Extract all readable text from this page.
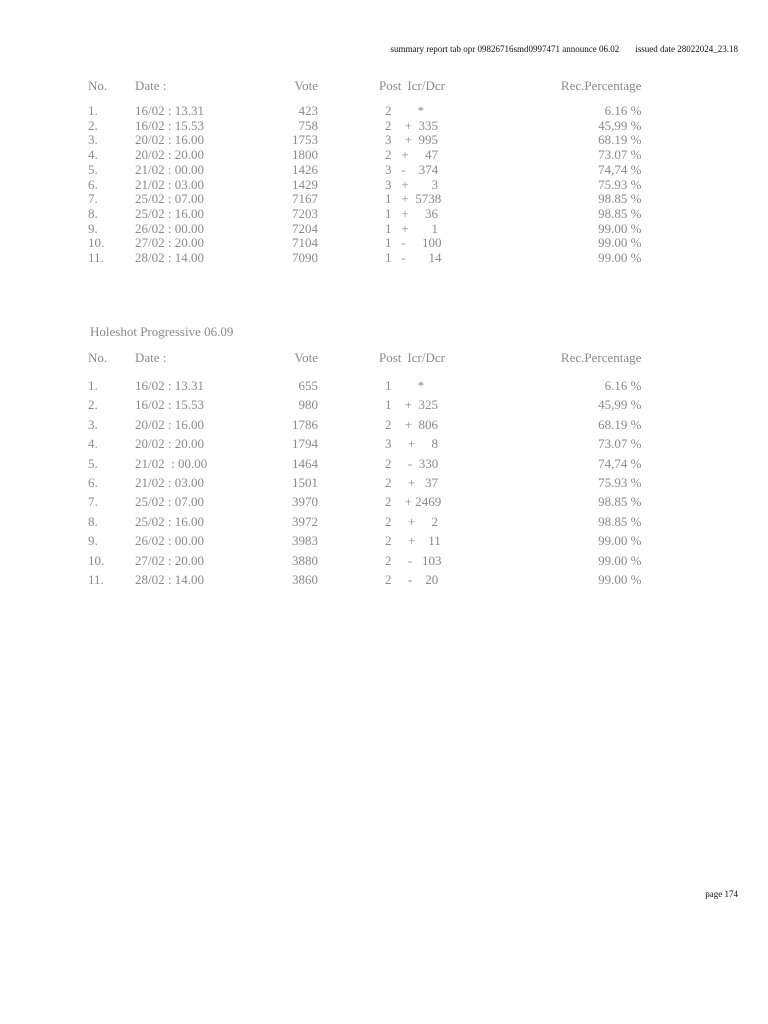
summary report tab opr 09826716smd0997471 announce 06.02 issued date 28022024_23.18
No.	Date :	Vote	Post	Icr/Dcr	Rec.Percentage
1.	16/02 : 13.31	423	2	*	6.16 %
2.	16/02 : 15.53	758	2	+  335	45,99 %
3.	20/02 : 16.00	1753	3	+  995	68.19 %
4.	20/02 : 20.00	1800	2	+     47	73.07 %
5.	21/02 : 00.00	1426	3	-    374	74,74 %
6.	21/02 : 03.00	1429	3	+       3	75.93 %
7.	25/02 : 07.00	7167	1	+  5738	98.85 %
8.	25/02 : 16.00	7203	1	+     36	98.85 %
9.	26/02 : 00.00	7204	1	+       1	99.00 %
10.	27/02 : 20.00	7104	1	-     100	99.00 %
11.	28/02 : 14.00	7090	1	-       14	99.00 %
Holeshot Progressive 06.09
No.	Date :	Vote	Post	Icr/Dcr	Rec.Percentage
1.	16/02 : 13.31	655	1	*	6.16 %
2.	16/02 : 15.53	980	1	+  325	45,99 %
3.	20/02 : 16.00	1786	2	+  806	68.19 %
4.	20/02 : 20.00	1794	3	+     8	73.07 %
5.	21/02  : 00.00	1464	2	-  330	74,74 %
6.	21/02 : 03.00	1501	2	+   37	75.93 %
7.	25/02 : 07.00	3970	2	+ 2469	98.85 %
8.	25/02 : 16.00	3972	2	+     2	98.85 %
9.	26/02 : 00.00	3983	2	+    11	99.00 %
10.	27/02 : 20.00	3880	2	-   103	99.00 %
11.	28/02 : 14.00	3860	2	-    20	99.00 %
page 174
